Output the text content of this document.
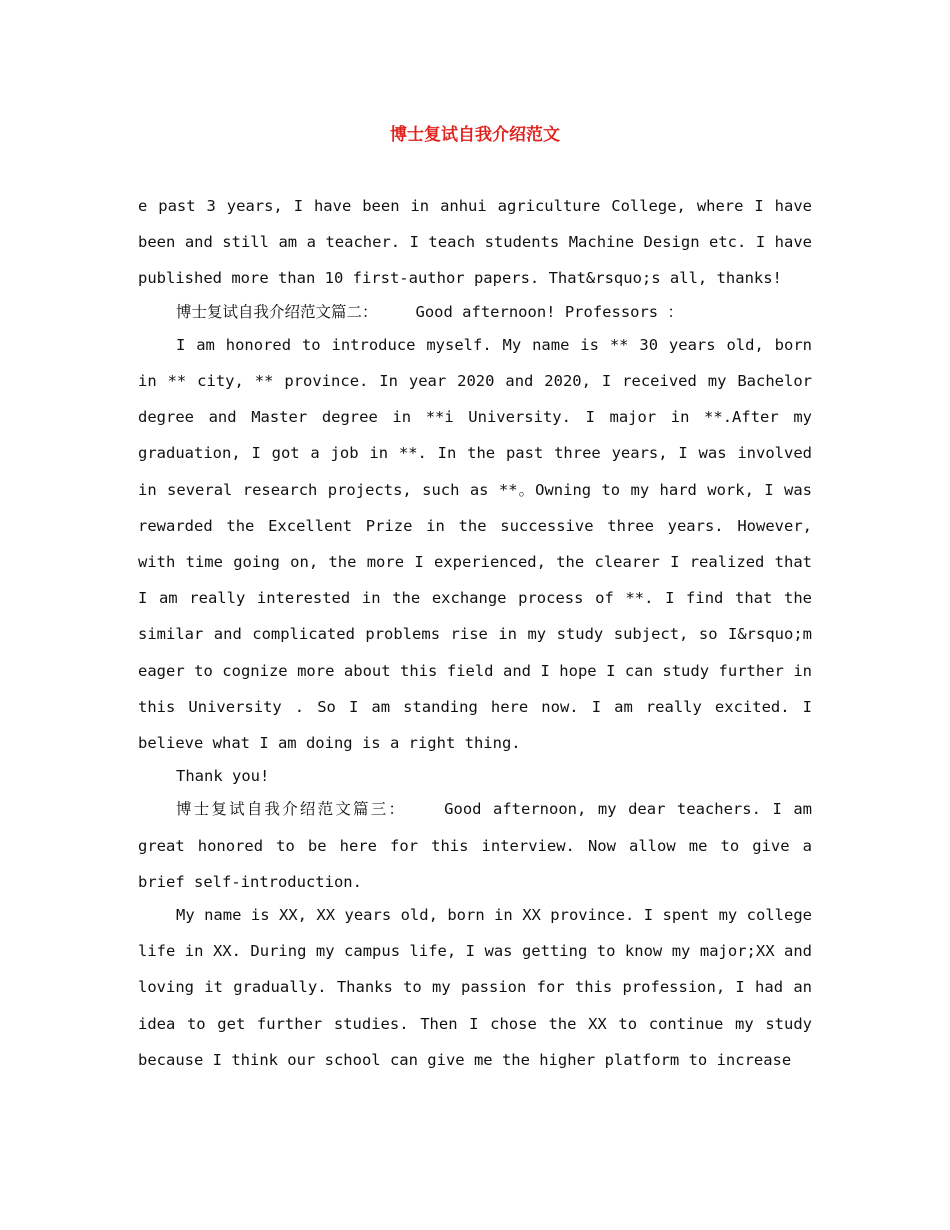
博士复试自我介绍范文

e past 3 years, I have been in anhui agriculture College, where I have been and still am a teacher. I teach students Machine Design etc. I have published more than 10 first-author papers. That&rsquo;s all, thanks!

博士复试自我介绍范文篇二： Good afternoon! Professors ：

I am honored to introduce myself. My name is ** 30 years old, born in ** city, ** province. In year 2020 and 2020, I received my Bachelor degree and Master degree in **i University. I major in **.After my graduation, I got a job in **. In the past three years, I was involved in several research projects, such as **。Owning to my hard work, I was rewarded the Excellent Prize in the successive three years. However, with time going on, the more I experienced, the clearer I realized that I am really interested in the exchange process of **. I find that the similar and complicated problems rise in my study subject, so I&rsquo;m eager to cognize more about this field and I hope I can study further in this University . So I am standing here now. I am really excited. I believe what I am doing is a right thing.

Thank you!

博士复试自我介绍范文篇三： Good afternoon, my dear teachers. I am great honored to be here for this interview. Now allow me to give a brief self-introduction.

My name is XX, XX years old, born in XX province. I spent my college life in XX. During my campus life, I was getting to know my major;XX and loving it gradually. Thanks to my passion for this profession, I had an idea to get further studies. Then I chose the XX to continue my study because I think our school can give me the higher platform to increase
